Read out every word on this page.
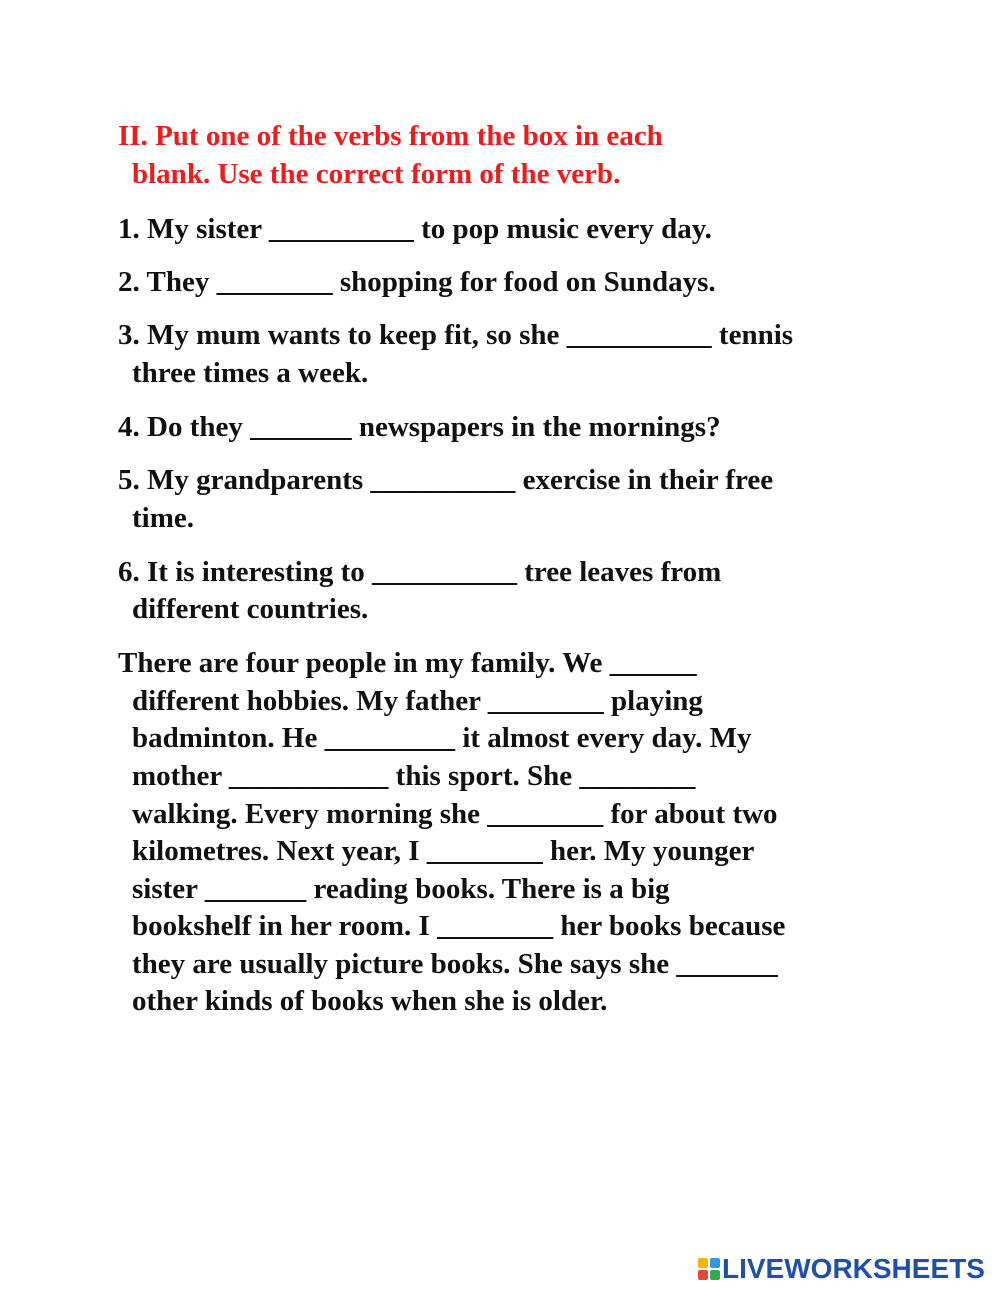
II. Put one of the verbs from the box in each

blank. Use the correct form of the verb.

1. My sister __________ to pop music every day.

2. They ________ shopping for food on Sundays.

3. My mum wants to keep fit, so she __________ tennis

three times a week.

4. Do they _______ newspapers in the mornings?

5. My grandparents __________ exercise in their free

time.

6. It is interesting to __________ tree leaves from

different countries.

There are four people in my family. We ______

different hobbies. My father ________ playing

badminton. He _________ it almost every day. My

mother ___________ this sport. She ________

walking. Every morning she ________ for about two

kilometres. Next year, I ________ her. My younger

sister _______ reading books. There is a big

bookshelf in her room. I ________ her books because

they are usually picture books. She says she _______

other kinds of books when she is older.

LIVEWORKSHEETS
